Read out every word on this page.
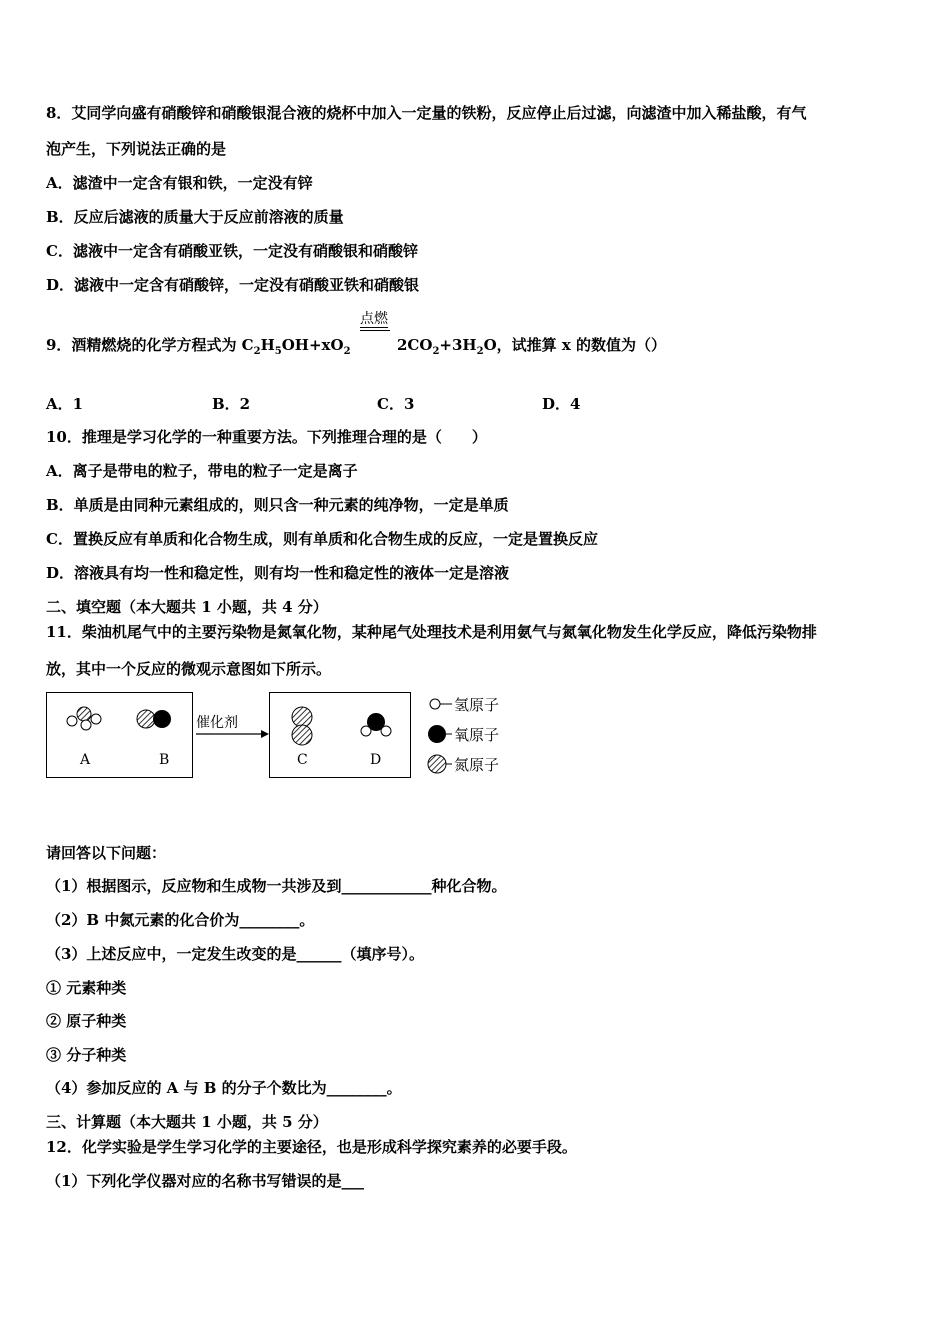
8．艾同学向盛有硝酸锌和硝酸银混合液的烧杯中加入一定量的铁粉，反应停止后过滤，向滤渣中加入稀盐酸，有气
泡产生，下列说法正确的是
A．滤渣中一定含有银和铁，一定没有锌
B．反应后滤液的质量大于反应前溶液的质量
C．滤液中一定含有硝酸亚铁，一定没有硝酸银和硝酸锌
D．滤液中一定含有硝酸锌，一定没有硝酸亚铁和硝酸银
9．酒精燃烧的化学方程式为 $C_2H_5OH+xO_2$	$2CO_2+3H_2O$，试推算 x 的数值为（）
点燃
A．1	B．2	C．3	D．4
10．推理是学习化学的一种重要方法。下列推理合理的是（　　）
A．离子是带电的粒子，带电的粒子一定是离子
B．单质是由同种元素组成的，则只含一种元素的纯净物，一定是单质
C．置换反应有单质和化合物生成，则有单质和化合物生成的反应，一定是置换反应
D．溶液具有均一性和稳定性，则有均一性和稳定性的液体一定是溶液
二、填空题（本大题共 1 小题，共 4 分）
11．柴油机尾气中的主要污染物是氮氧化物，某种尾气处理技术是利用氨气与氮氧化物发生化学反应，降低污染物排
放，其中一个反应的微观示意图如下所示。
催化剂
A	B	C	D
氢原子
氧原子
氮原子
请回答以下问题：
（1）根据图示，反应物和生成物一共涉及到____________种化合物。
（2）B 中氮元素的化合价为________。
（3）上述反应中，一定发生改变的是______（填序号）。
① 元素种类
② 原子种类
③ 分子种类
（4）参加反应的 A 与 B 的分子个数比为________。
三、计算题（本大题共 1 小题，共 5 分）
12．化学实验是学生学习化学的主要途径，也是形成科学探究素养的必要手段。
（1）下列化学仪器对应的名称书写错误的是___
